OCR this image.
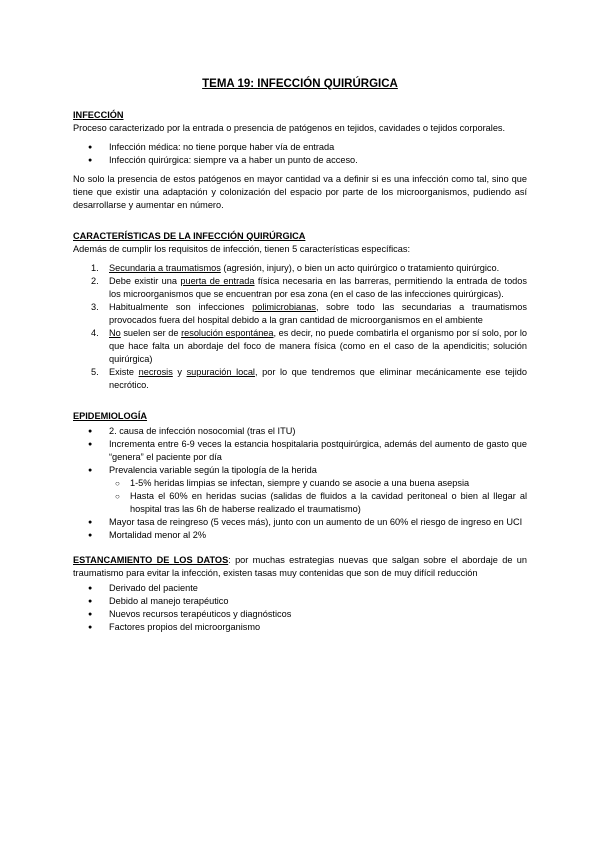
TEMA 19: INFECCIÓN QUIRÚRGICA
INFECCIÓN

Proceso caracterizado por la entrada o presencia de patógenos en tejidos, cavidades o tejidos corporales.

● Infección médica: no tiene porque haber vía de entrada
● Infección quirúrgica: siempre va a haber un punto de acceso.

No solo la presencia de estos patógenos en mayor cantidad va a definir si es una infección como tal, sino que tiene que existir una adaptación y colonización del espacio por parte de los microorganismos, pudiendo así desarrollarse y aumentar en número.

CARACTERÍSTICAS DE LA INFECCIÓN QUIRÚRGICA

Además de cumplir los requisitos de infección, tienen 5 características específicas:

1. Secundaria a traumatismos (agresión, injury), o bien un acto quirúrgico o tratamiento quirúrgico.
2. Debe existir una puerta de entrada física necesaria en las barreras, permitiendo la entrada de todos los microorganismos que se encuentran por esa zona (en el caso de las infecciones quirúrgicas).
3. Habitualmente son infecciones polimicrobianas, sobre todo las secundarias a traumatismos provocados fuera del hospital debido a la gran cantidad de microorganismos en el ambiente
4. No suelen ser de resolución espontánea, es decir, no puede combatirla el organismo por sí solo, por lo que hace falta un abordaje del foco de manera física (como en el caso de la apendicitis; solución quirúrgica)
5. Existe necrosis y supuración local, por lo que tendremos que eliminar mecánicamente ese tejido necrótico.
EPIDEMIOLOGÍA
● 2. causa de infección nosocomial (tras el ITU)
● Incrementa entre 6-9 veces la estancia hospitalaria postquirúrgica, además del aumento de gasto que “genera” el paciente por día
● Prevalencia variable según la tipología de la herida
○ 1-5% heridas limpias se infectan, siempre y cuando se asocie a una buena asepsia
○ Hasta el 60% en heridas sucias (salidas de fluidos a la cavidad peritoneal o bien al llegar al hospital tras las 6h de haberse realizado el traumatismo)
● Mayor tasa de reingreso (5 veces más), junto con un aumento de un 60% el riesgo de ingreso en UCI
● Mortalidad menor al 2%

ESTANCAMIENTO DE LOS DATOS: por muchas estrategias nuevas que salgan sobre el abordaje de un traumatismo para evitar la infección, existen tasas muy contenidas que son de muy difícil reducción

● Derivado del paciente
● Debido al manejo terapéutico
● Nuevos recursos terapéuticos y diagnósticos
● Factores propios del microorganismo
